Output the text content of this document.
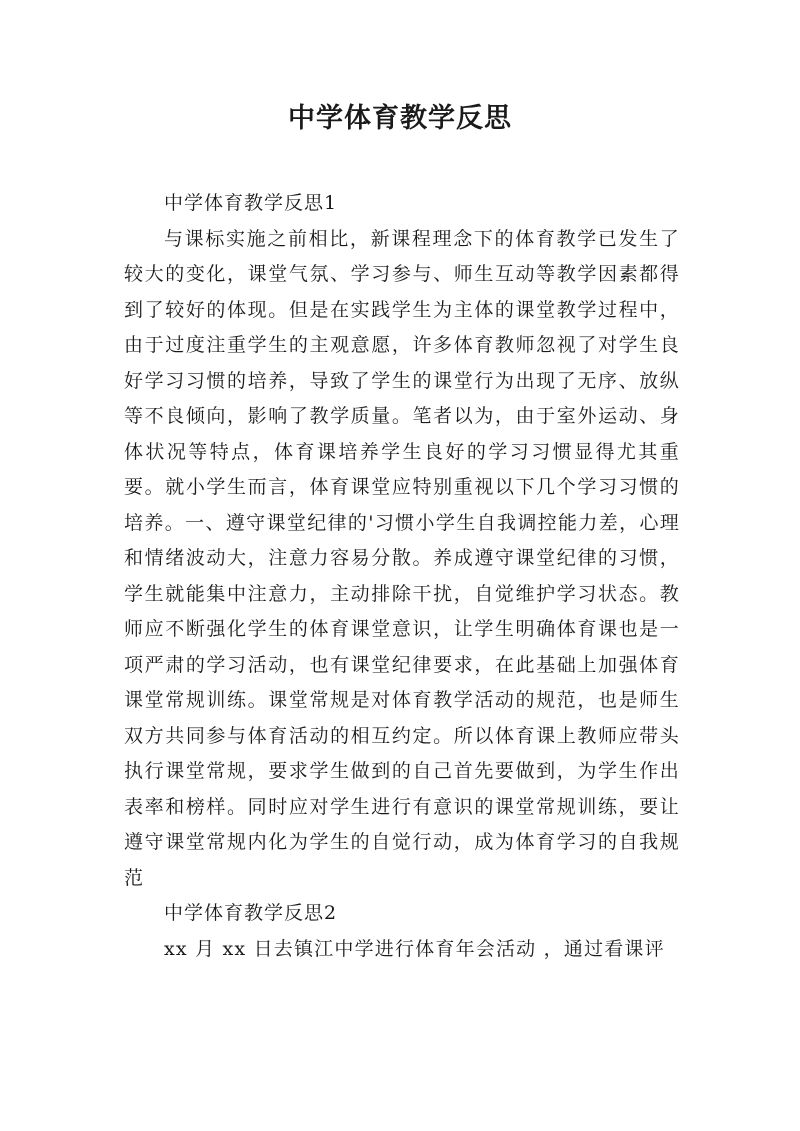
中学体育教学反思

中学体育教学反思1

与课标实施之前相比，新课程理念下的体育教学已发生了较大的变化，课堂气氛、学习参与、师生互动等教学因素都得到了较好的体现。但是在实践学生为主体的课堂教学过程中，由于过度注重学生的主观意愿，许多体育教师忽视了对学生良好学习习惯的培养，导致了学生的课堂行为出现了无序、放纵等不良倾向，影响了教学质量。笔者以为，由于室外运动、身体状况等特点，体育课培养学生良好的学习习惯显得尤其重要。就小学生而言，体育课堂应特别重视以下几个学习习惯的培养。一、遵守课堂纪律的'习惯小学生自我调控能力差，心理和情绪波动大，注意力容易分散。养成遵守课堂纪律的习惯，学生就能集中注意力，主动排除干扰，自觉维护学习状态。教师应不断强化学生的体育课堂意识，让学生明确体育课也是一项严肃的学习活动，也有课堂纪律要求，在此基础上加强体育课堂常规训练。课堂常规是对体育教学活动的规范，也是师生双方共同参与体育活动的相互约定。所以体育课上教师应带头执行课堂常规，要求学生做到的自己首先要做到，为学生作出表率和榜样。同时应对学生进行有意识的课堂常规训练，要让遵守课堂常规内化为学生的自觉行动，成为体育学习的自我规范

中学体育教学反思2

xx 月 xx 日去镇江中学进行体育年会活动 ，通过看课评
